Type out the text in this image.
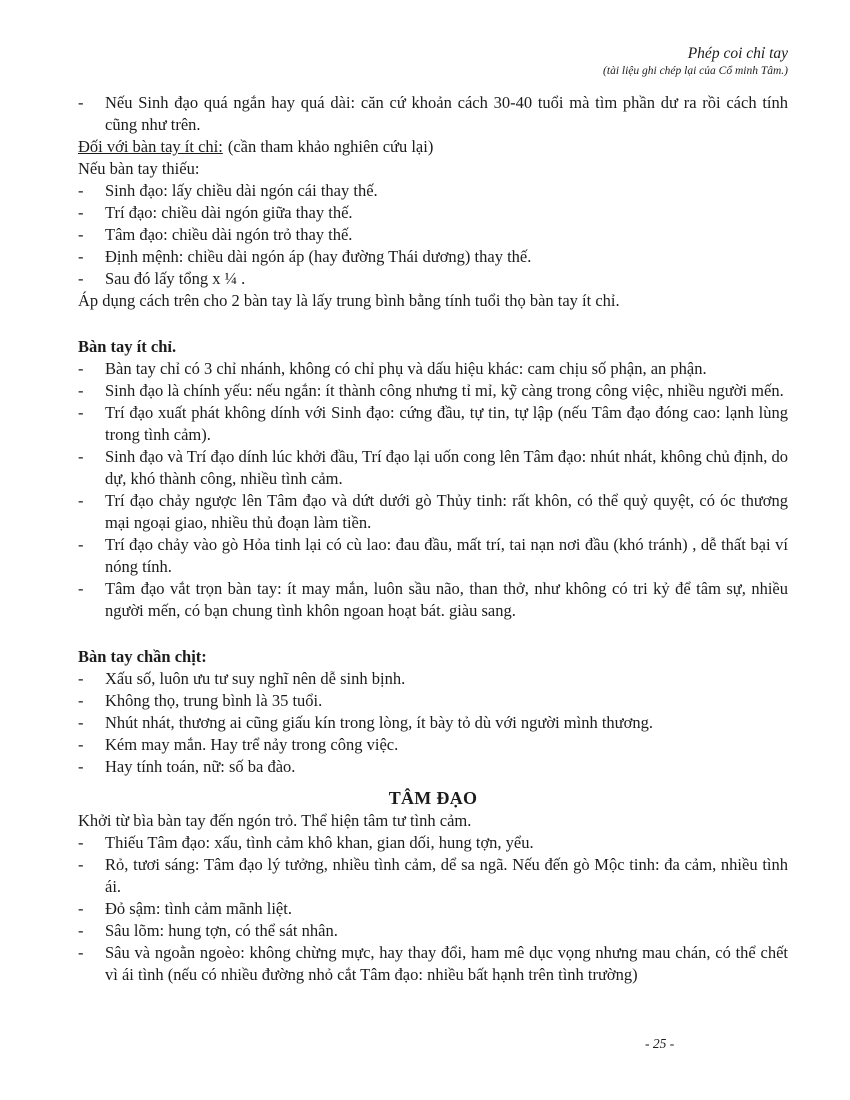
Phép coi chỉ tay
(tài liệu ghi chép lại của Cổ minh Tâm.)
-	Nếu Sinh đạo quá ngắn hay quá dài: căn cứ khoản cách 30-40 tuổi mà tìm phần dư ra rồi cách tính cũng như trên.
Đối với bàn tay ít chỉ: (cần tham khảo nghiên cứu lại)
Nếu bàn tay thiếu:
-	Sinh đạo: lấy chiều dài ngón cái thay thế.
-	Trí đạo: chiều dài ngón giữa thay thế.
-	Tâm đạo: chiều dài ngón trỏ thay thế.
-	Định mệnh: chiều dài ngón áp (hay đường Thái dương) thay thế.
-	Sau đó lấy tổng x ¼ .
Áp dụng cách trên cho 2 bàn tay là lấy trung bình bằng tính tuổi thọ bàn tay ít chỉ.
Bàn tay ít chỉ.
-	Bàn tay chỉ có 3 chỉ nhánh, không có chỉ phụ và dấu hiệu khác: cam chịu số phận, an phận.
-	Sinh đạo là chính yếu: nếu ngắn: ít thành công nhưng tỉ mỉ, kỹ càng trong công việc, nhiều người mến.
-	Trí đạo xuất phát không dính với Sinh đạo: cứng đầu, tự tin, tự lập (nếu Tâm đạo đóng cao: lạnh lùng trong tình cảm).
-	Sinh đạo và Trí đạo dính lúc khởi đầu, Trí đạo lại uốn cong lên Tâm đạo: nhút nhát, không chủ định, do dự, khó thành công, nhiều tình cảm.
-	Trí đạo chảy ngược lên Tâm đạo và dứt dưới gò Thủy tinh: rất khôn, có thể quỷ quyệt, có óc thương mại ngoại giao, nhiều thủ đoạn làm tiền.
-	Trí đạo chảy vào gò Hỏa tinh lại có cù lao: đau đầu, mất trí, tai nạn nơi đầu (khó tránh) , dễ thất bại ví nóng tính.
-	Tâm đạo vắt trọn bàn tay: ít may mắn, luôn sầu não, than thở, như không có tri kỷ để tâm sự, nhiều người mến, có bạn chung tình khôn ngoan hoạt bát. giàu sang.
Bàn tay chần chịt:
-	Xấu số, luôn ưu tư suy nghĩ nên dễ sinh bịnh.
-	Không thọ, trung bình là 35 tuổi.
-	Nhút nhát, thương ai cũng giấu kín trong lòng, ít bày tỏ dù với người mình thương.
-	Kém may mắn. Hay trể nảy trong công việc.
-	Hay tính toán, nữ: số ba đào.
TÂM ĐẠO
Khởi từ bìa bàn tay đến ngón trỏ. Thể hiện tâm tư tình cảm.
-	Thiếu Tâm đạo: xấu, tình cảm khô khan, gian dối, hung tợn, yểu.
-	Rỏ, tươi sáng: Tâm đạo lý tưởng, nhiều tình cảm, dể sa ngã. Nếu đến gò Mộc tinh: đa cảm, nhiều tình ái.
-	Đỏ sậm: tình cảm mãnh liệt.
-	Sâu lõm: hung tợn, có thể sát nhân.
-	Sâu và ngoằn ngoèo: không chừng mực, hay thay đổi, ham mê dục vọng nhưng mau chán, có thể chết vì ái tình (nếu có nhiều đường nhỏ cắt Tâm đạo: nhiều bất hạnh trên tình trường)
- 25 -
